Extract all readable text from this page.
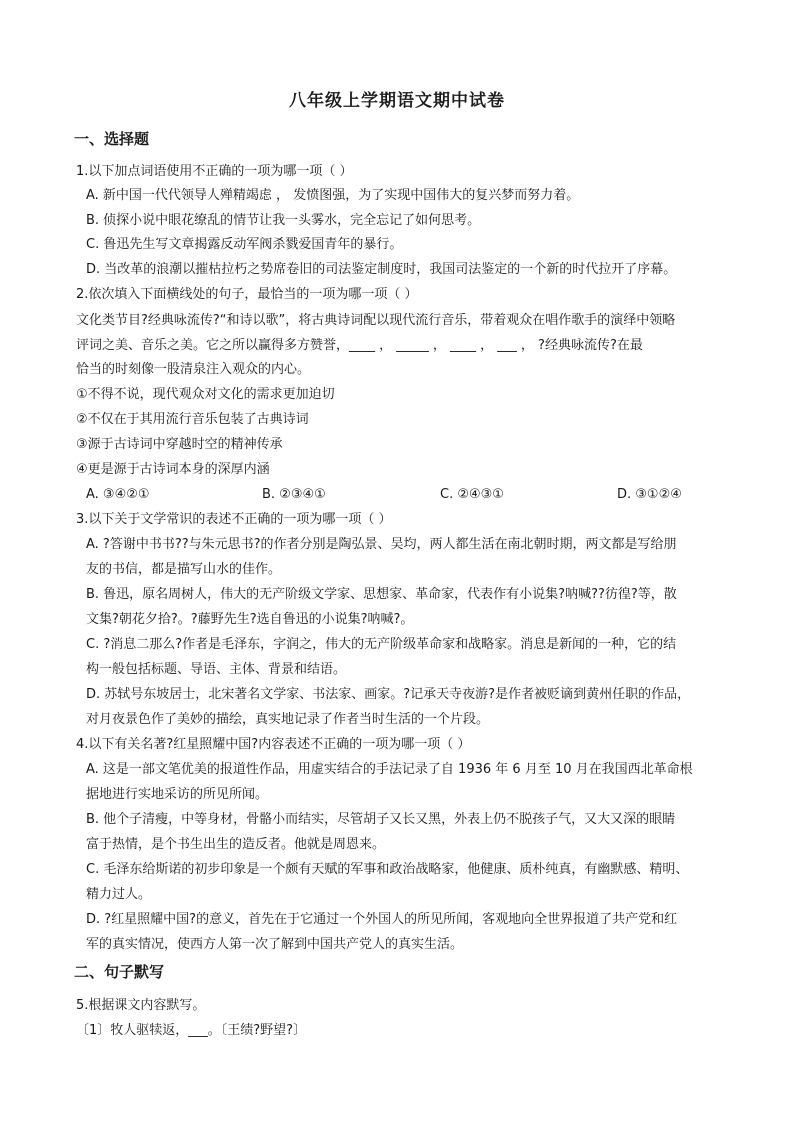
八年级上学期语文期中试卷
一、选择题
1.以下加点词语使用不正确的一项为哪一项（ ）
A. 新中国一代代领导人殚精竭虑 ， 发愤图强，为了实现中国伟大的复兴梦而努力着。
B. 侦探小说中眼花缭乱的情节让我一头雾水，完全忘记了如何思考。
C. 鲁迅先生写文章揭露反动军阀杀戮爱国青年的暴行。
D. 当改革的浪潮以摧枯拉朽之势席卷旧的司法鉴定制度时，我国司法鉴定的一个新的时代拉开了序幕。
2.依次填入下面横线处的句子，最恰当的一项为哪一项（ ）
文化类节目?经典咏流传?“和诗以歌”，将古典诗词配以现代流行音乐，带着观众在唱作歌手的演绎中领略
评词之美、音乐之美。它之所以赢得多方赞誉，____ ， _____ ， ____ ， ___ ， ?经典咏流传?在最
恰当的时刻像一股清泉注入观众的内心。
①不得不说，现代观众对文化的需求更加迫切
②不仅在于其用流行音乐包装了古典诗词
③源于古诗词中穿越时空的精神传承
④更是源于古诗词本身的深厚内涵
A. ③④②①	B. ②③④①	C. ②④③①	D. ③①②④
3.以下关于文学常识的表述不正确的一项为哪一项（ ）
A. ?答谢中书书??与朱元思书?的作者分别是陶弘景、吴均，两人都生活在南北朝时期，两文都是写给朋
友的书信，都是描写山水的佳作。
B. 鲁迅，原名周树人，伟大的无产阶级文学家、思想家、革命家，代表作有小说集?呐喊??彷徨?等，散
文集?朝花夕拾?。?藤野先生?选自鲁迅的小说集?呐喊?。
C. ?消息二那么?作者是毛泽东，字润之，伟大的无产阶级革命家和战略家。消息是新闻的一种，它的结
构一般包括标题、导语、主体、背景和结语。
D. 苏轼号东坡居士，北宋著名文学家、书法家、画家。?记承天寺夜游?是作者被贬谪到黄州任职的作品，
对月夜景色作了美妙的描绘，真实地记录了作者当时生活的一个片段。
4.以下有关名著?红星照耀中国?内容表述不正确的一项为哪一项（ ）
A. 这是一部文笔优美的报道性作品，用虚实结合的手法记录了自 1936 年 6 月至 10 月在我国西北革命根
据地进行实地采访的所见所闻。
B. 他个子清瘦，中等身材，骨骼小而结实，尽管胡子又长又黑，外表上仍不脱孩子气，又大又深的眼睛
富于热情，是个书生出生的造反者。他就是周恩来。
C. 毛泽东给斯诺的初步印象是一个颇有天赋的军事和政治战略家，他健康、质朴纯真，有幽默感、精明、
精力过人。
D. ?红星照耀中国?的意义，首先在于它通过一个外国人的所见所闻，客观地向全世界报道了共产党和红
军的真实情况，使西方人第一次了解到中国共产党人的真实生活。
二、句子默写
5.根据课文内容默写。
〔1〕牧人驱犊返，___。〔王绩?野望?〕
